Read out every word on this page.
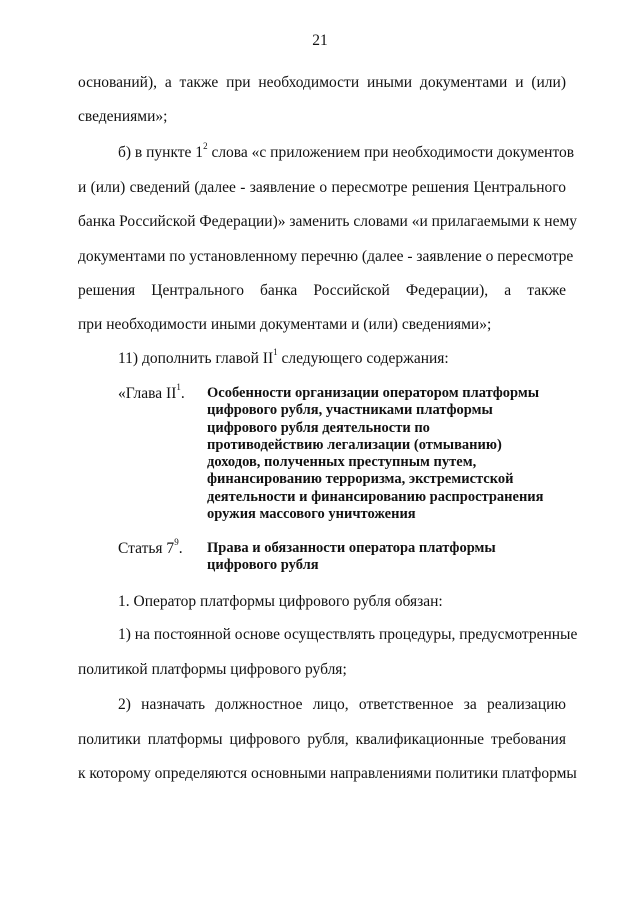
21
оснований), а также при необходимости иными документами и (или)
сведениями»;
б) в пункте $1^2$ слова «с приложением при необходимости документов
и (или) сведений (далее - заявление о пересмотре решения Центрального
банка Российской Федерации)» заменить словами «и прилагаемыми к нему
документами по установленному перечню (далее - заявление о пересмотре
решения Центрального банка Российской Федерации), а также
при необходимости иными документами и (или) сведениями»;
11) дополнить главой $II^1$ следующего содержания:
«Глава $II^1$. Особенности организации оператором платформы
цифрового рубля, участниками платформы
цифрового рубля деятельности по
противодействию легализации (отмыванию)
доходов, полученных преступным путем,
финансированию терроризма, экстремистской
деятельности и финансированию распространения
оружия массового уничтожения
Статья $7^9$. Права и обязанности оператора платформы
цифрового рубля
1. Оператор платформы цифрового рубля обязан:
1) на постоянной основе осуществлять процедуры, предусмотренные
политикой платформы цифрового рубля;
2) назначать должностное лицо, ответственное за реализацию
политики платформы цифрового рубля, квалификационные требования
к которому определяются основными направлениями политики платформы
